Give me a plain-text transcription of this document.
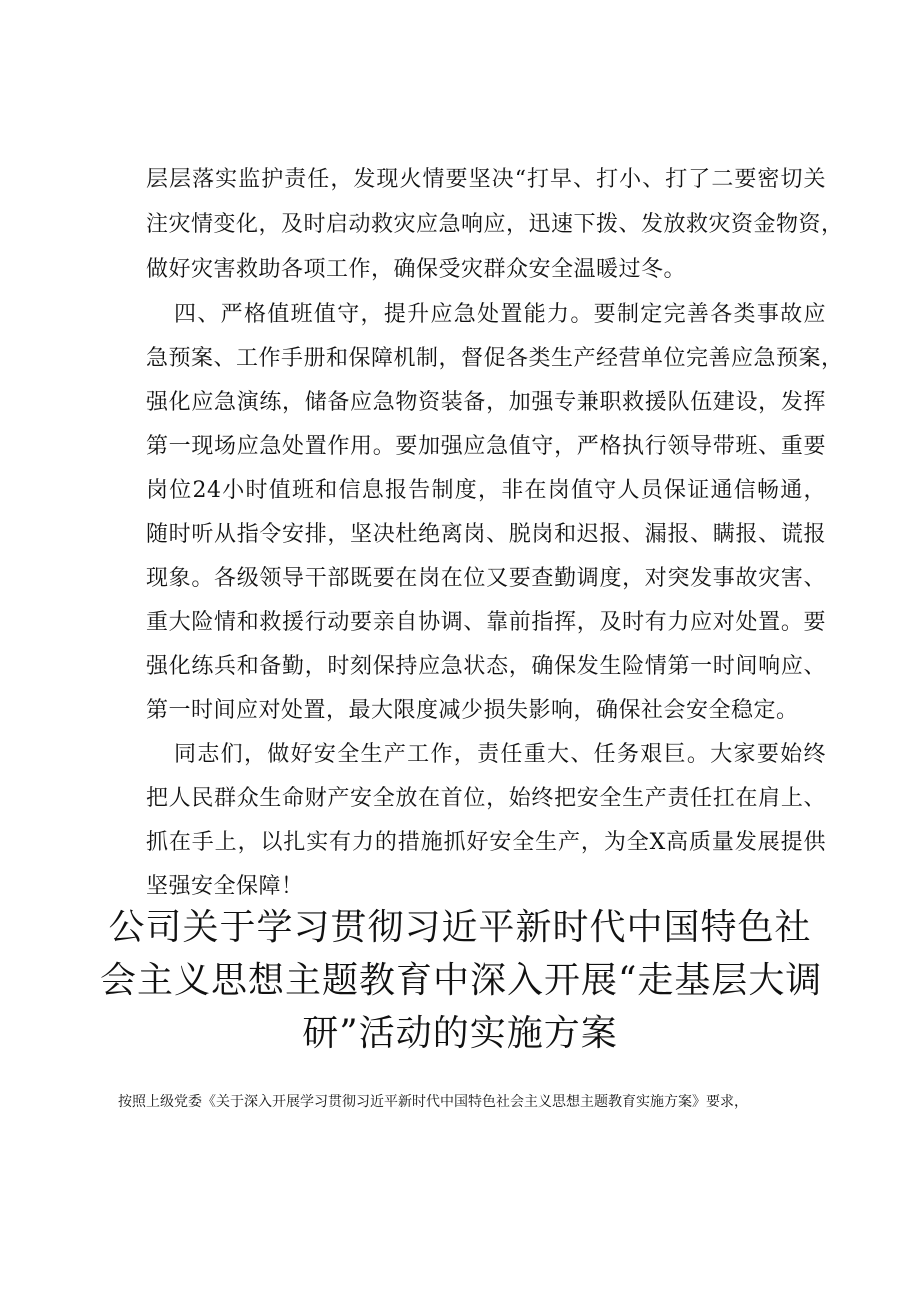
层层落实监护责任，发现火情要坚决“打早、打小、打了二要密切关
注灾情变化，及时启动救灾应急响应，迅速下拨、发放救灾资金物资，
做好灾害救助各项工作，确保受灾群众安全温暖过冬。
四、严格值班值守，提升应急处置能力。要制定完善各类事故应
急预案、工作手册和保障机制，督促各类生产经营单位完善应急预案，
强化应急演练，储备应急物资装备，加强专兼职救援队伍建设，发挥
第一现场应急处置作用。要加强应急值守，严格执行领导带班、重要
岗位24小时值班和信息报告制度，非在岗值守人员保证通信畅通，
随时听从指令安排，坚决杜绝离岗、脱岗和迟报、漏报、瞒报、谎报
现象。各级领导干部既要在岗在位又要查勤调度，对突发事故灾害、
重大险情和救援行动要亲自协调、靠前指挥，及时有力应对处置。要
强化练兵和备勤，时刻保持应急状态，确保发生险情第一时间响应、
第一时间应对处置，最大限度减少损失影响，确保社会安全稳定。
同志们，做好安全生产工作，责任重大、任务艰巨。大家要始终
把人民群众生命财产安全放在首位，始终把安全生产责任扛在肩上、
抓在手上，以扎实有力的措施抓好安全生产，为全X高质量发展提供
坚强安全保障！
公司关于学习贯彻习近平新时代中国特色社
会主义思想主题教育中深入开展“走基层大调
研”活动的实施方案
按照上级党委《关于深入开展学习贯彻习近平新时代中国特色社会主义思想主题教育实施方案》要求，
